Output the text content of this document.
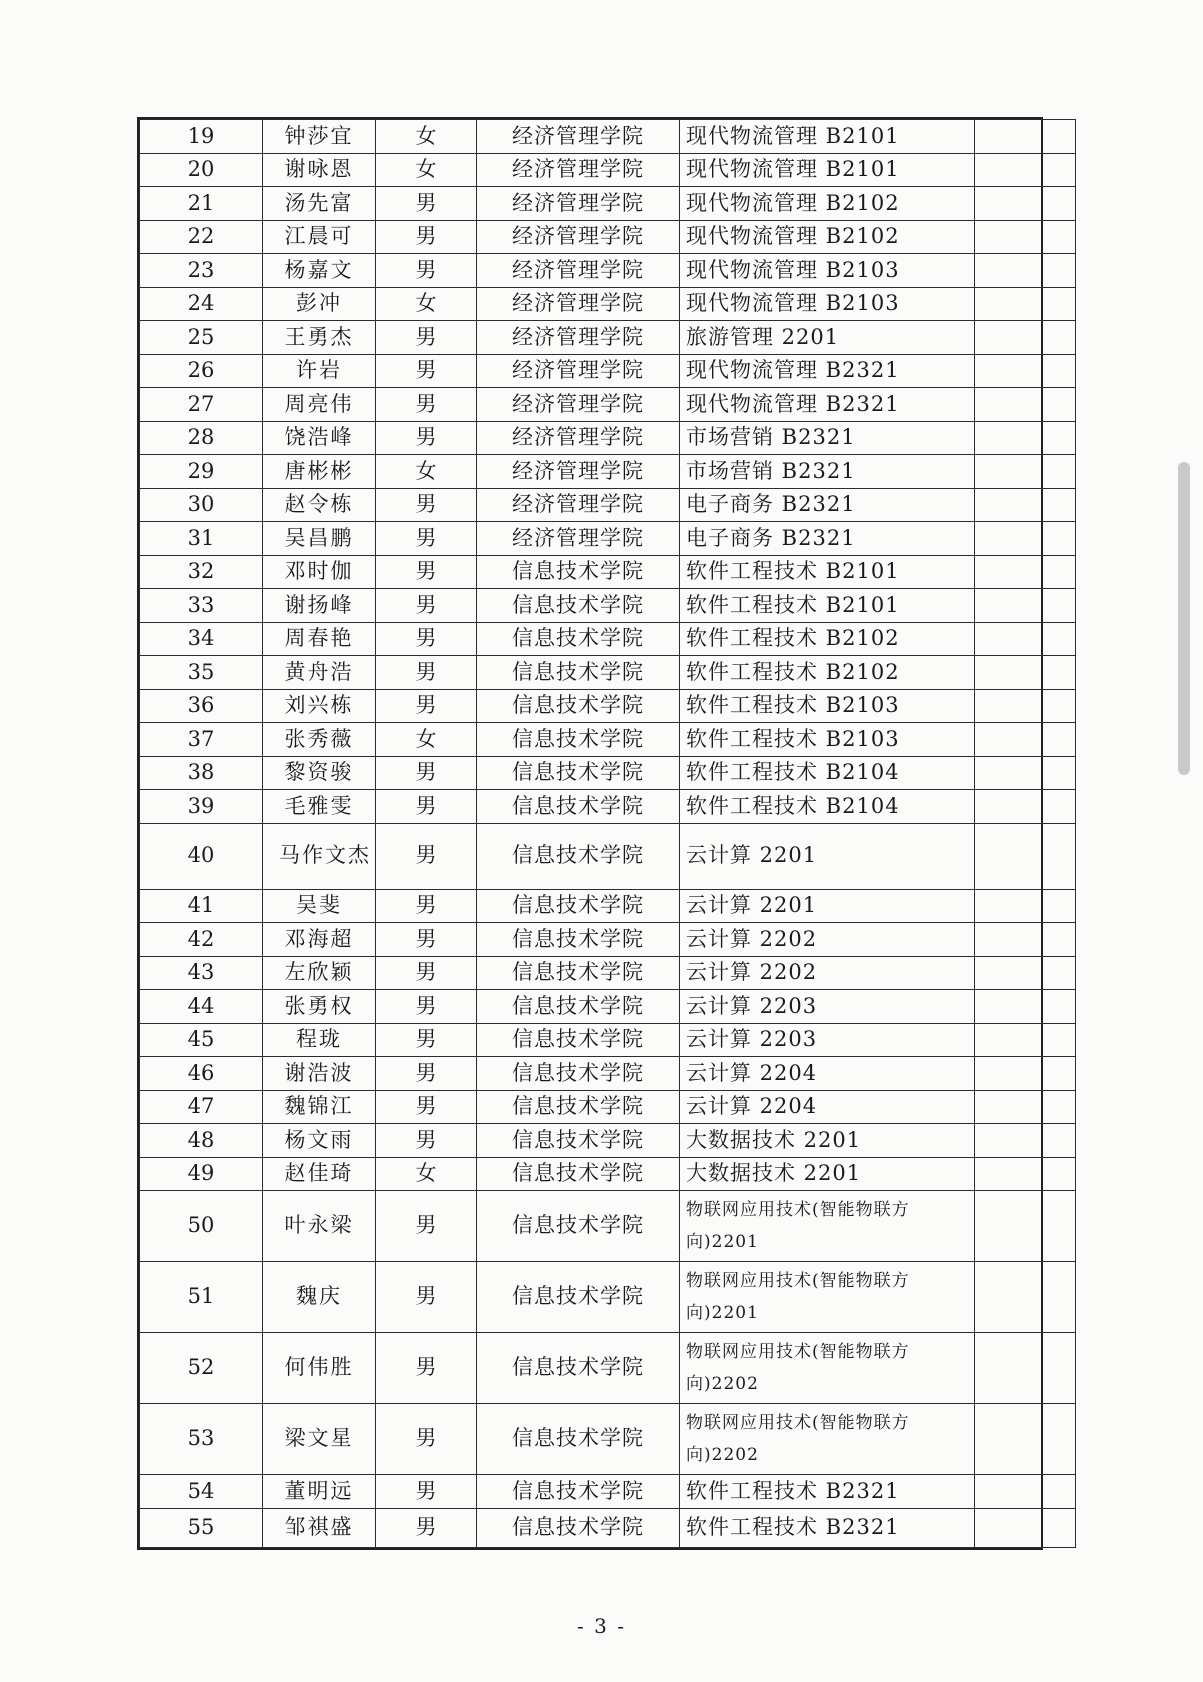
19	钟莎宜	女	经济管理学院	现代物流管理 B2101	
20	谢咏恩	女	经济管理学院	现代物流管理 B2101	
21	汤先富	男	经济管理学院	现代物流管理 B2102	
22	江晨可	男	经济管理学院	现代物流管理 B2102	
23	杨嘉文	男	经济管理学院	现代物流管理 B2103	
24	彭冲	女	经济管理学院	现代物流管理 B2103	
25	王勇杰	男	经济管理学院	旅游管理 2201	
26	许岩	男	经济管理学院	现代物流管理 B2321	
27	周亮伟	男	经济管理学院	现代物流管理 B2321	
28	饶浩峰	男	经济管理学院	市场营销 B2321	
29	唐彬彬	女	经济管理学院	市场营销 B2321	
30	赵令栋	男	经济管理学院	电子商务 B2321	
31	吴昌鹏	男	经济管理学院	电子商务 B2321	
32	邓时伽	男	信息技术学院	软件工程技术 B2101	
33	谢扬峰	男	信息技术学院	软件工程技术 B2101	
34	周春艳	男	信息技术学院	软件工程技术 B2102	
35	黄舟浩	男	信息技术学院	软件工程技术 B2102	
36	刘兴栋	男	信息技术学院	软件工程技术 B2103	
37	张秀薇	女	信息技术学院	软件工程技术 B2103	
38	黎资骏	男	信息技术学院	软件工程技术 B2104	
39	毛雅雯	男	信息技术学院	软件工程技术 B2104	
40	马作文杰	男	信息技术学院	云计算 2201	
41	吴斐	男	信息技术学院	云计算 2201	
42	邓海超	男	信息技术学院	云计算 2202	
43	左欣颖	男	信息技术学院	云计算 2202	
44	张勇权	男	信息技术学院	云计算 2203	
45	程珑	男	信息技术学院	云计算 2203	
46	谢浩波	男	信息技术学院	云计算 2204	
47	魏锦江	男	信息技术学院	云计算 2204	
48	杨文雨	男	信息技术学院	大数据技术 2201	
49	赵佳琦	女	信息技术学院	大数据技术 2201	
50	叶永梁	男	信息技术学院	物联网应用技术(智能物联方向)2201	
51	魏庆	男	信息技术学院	物联网应用技术(智能物联方向)2201	
52	何伟胜	男	信息技术学院	物联网应用技术(智能物联方向)2202	
53	梁文星	男	信息技术学院	物联网应用技术(智能物联方向)2202	
54	董明远	男	信息技术学院	软件工程技术 B2321	
55	邹祺盛	男	信息技术学院	软件工程技术 B2321	
- 3 -
